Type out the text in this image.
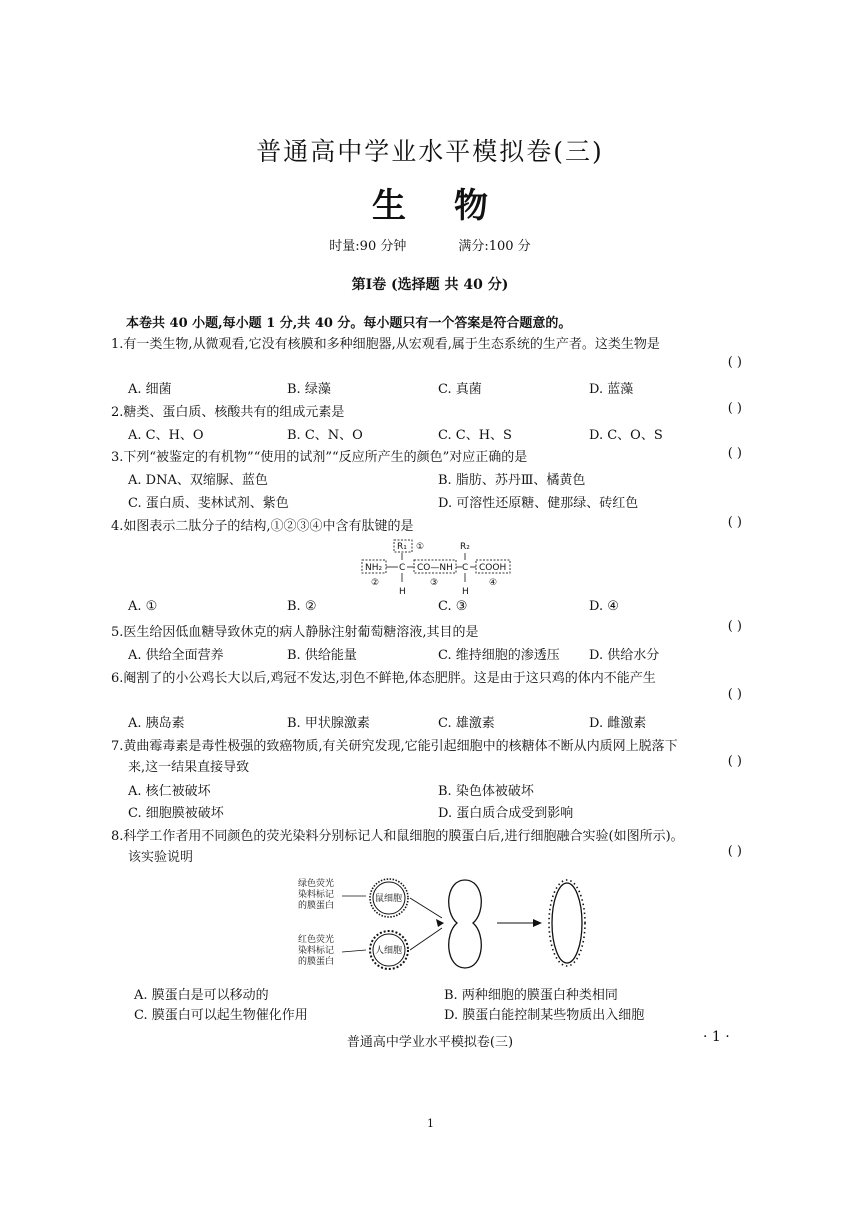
普通高中学业水平模拟卷(三)
生物
时量:90 分钟	满分:100 分
第Ⅰ卷 (选择题 共 40 分)
本卷共 40 小题,每小题 1 分,共 40 分。每小题只有一个答案是符合题意的。
1.有一类生物,从微观看,它没有核膜和多种细胞器,从宏观看,属于生态系统的生产者。这类生物是
( )
A. 细菌	B. 绿藻	C. 真菌	D. 蓝藻
2.糖类、蛋白质、核酸共有的组成元素是	( )
A. C、H、O	B. C、N、O	C. C、H、S	D. C、O、S
3.下列“被鉴定的有机物”“使用的试剂”“反应所产生的颜色”对应正确的是	( )
A. DNA、双缩脲、蓝色	B. 脂肪、苏丹Ⅲ、橘黄色
C. 蛋白质、斐林试剂、紫色	D. 可溶性还原糖、健那绿、砖红色
4.如图表示二肽分子的结构,①②③④中含有肽键的是	( )
R₁ ①	R₂
NH₂ C CO—NH C COOH
②	③	④
H	H
A. ①	B. ②	C. ③	D. ④
5.医生给因低血糖导致休克的病人静脉注射葡萄糖溶液,其目的是	( )
A. 供给全面营养	B. 供给能量	C. 维持细胞的渗透压 D. 供给水分
6.阉割了的小公鸡长大以后,鸡冠不发达,羽色不鲜艳,体态肥胖。这是由于这只鸡的体内不能产生
( )
A. 胰岛素	B. 甲状腺激素	C. 雄激素	D. 雌激素
7.黄曲霉毒素是毒性极强的致癌物质,有关研究发现,它能引起细胞中的核糖体不断从内质网上脱落下
来,这一结果直接导致	( )
A. 核仁被破坏	B. 染色体被破坏
C. 细胞膜被破坏	D. 蛋白质合成受到影响
8.科学工作者用不同颜色的荧光染料分别标记人和鼠细胞的膜蛋白后,进行细胞融合实验(如图所示)。
该实验说明	( )
绿色荧光
染料标记
的膜蛋白
红色荧光
染料标记
的膜蛋白
鼠细胞
人细胞
A. 膜蛋白是可以移动的	B. 两种细胞的膜蛋白种类相同
C. 膜蛋白可以起生物催化作用	D. 膜蛋白能控制某些物质出入细胞
普通高中学业水平模拟卷(三)	· 1 ·
1
